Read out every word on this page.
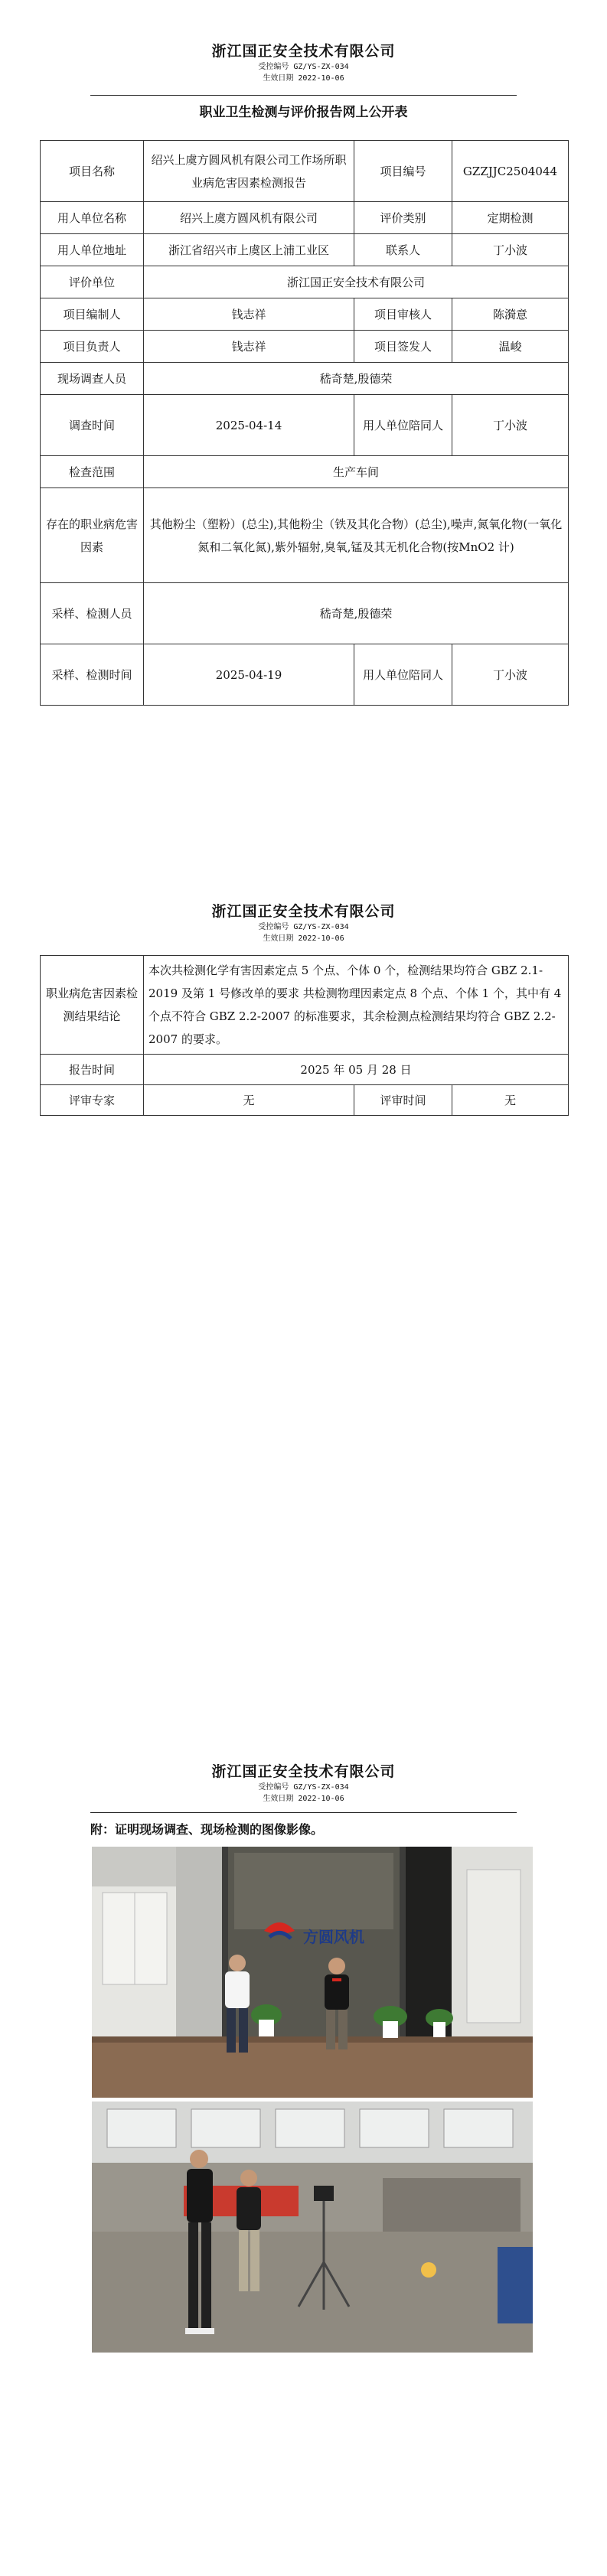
浙江国正安全技术有限公司
受控编号 GZ/YS-ZX-034
生效日期 2022-10-06
职业卫生检测与评价报告网上公开表
项目名称	绍兴上虞方圆风机有限公司工作场所职业病危害因素检测报告	项目编号	GZZJJC2504044
用人单位名称	绍兴上虞方圆风机有限公司	评价类别	定期检测
用人单位地址	浙江省绍兴市上虞区上浦工业区	联系人	丁小波
评价单位	浙江国正安全技术有限公司		
项目编制人	钱志祥	项目审核人	陈漪意
项目负责人	钱志祥	项目签发人	温峻
现场调查人员	嵇奇楚,殷德荣		
调查时间	2025-04-14	用人单位陪同人	丁小波
检查范围	生产车间		
存在的职业病危害因素	其他粉尘（塑粉）(总尘),其他粉尘（铁及其化合物）(总尘),噪声,氮氧化物(一氧化氮和二氧化氮),紫外辐射,臭氧,锰及其无机化合物(按MnO2 计)		
采样、检测人员	嵇奇楚,殷德荣		
采样、检测时间	2025-04-19	用人单位陪同人	丁小波
浙江国正安全技术有限公司
受控编号 GZ/YS-ZX-034
生效日期 2022-10-06
职业病危害因素检测结果结论	本次共检测化学有害因素定点 5 个点、个体 0 个，检测结果均符合 GBZ 2.1-2019 及第 1 号修改单的要求 共检测物理因素定点 8 个点、个体 1 个，其中有 4 个点不符合 GBZ 2.2-2007 的标准要求，其余检测点检测结果均符合 GBZ 2.2-2007 的要求。		
报告时间	2025 年 05 月 28 日		
评审专家	无	评审时间	无
浙江国正安全技术有限公司
受控编号 GZ/YS-ZX-034
生效日期 2022-10-06
附：证明现场调查、现场检测的图像影像。
方圆风机
